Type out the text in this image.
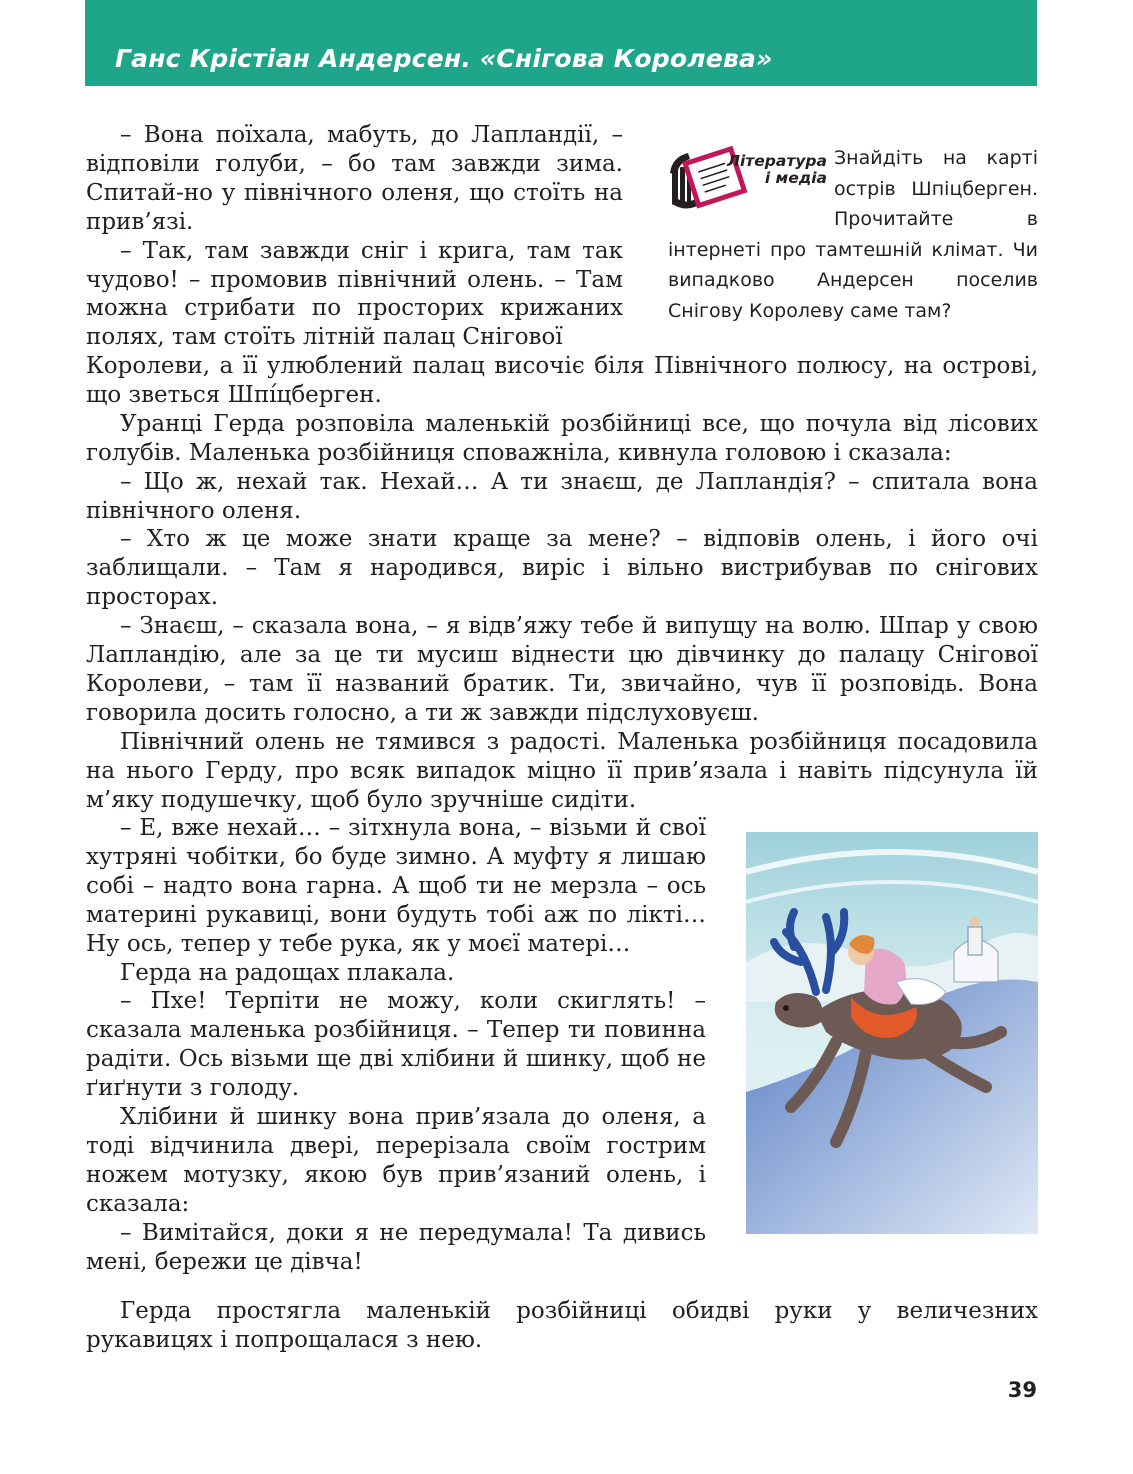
Ганс Крістіан Андерсен. «Снігова Королева»

– Вона поїхала, мабуть, до Лапландії, – відповіли голуби, – бо там завжди зима. Спитай-но у північного оленя, що стоїть на прив’язі.

– Так, там завжди сніг і крига, там так чудово! – промовив північний олень. – Там можна стрибати по просторих крижаних полях, там стоїть літній палац Снігової

Література
і медіа

Знайдіть на карті острів Шпіцберген. Прочитайте в інтернеті про тамтешній клімат. Чи випадково Андерсен поселив Снігову Королеву саме там?

Королеви, а її улюблений палац височіє біля Північного полюсу, на острові, що зветься Шпі́цберген.

Уранці Герда розповіла маленькій розбійниці все, що почула від лісових голубів. Маленька розбійниця споважніла, кивнула головою і сказала:

– Що ж, нехай так. Нехай… А ти знаєш, де Лапландія? – спитала вона північного оленя.

– Хто ж це може знати краще за мене? – відповів олень, і його очі заблищали. – Там я народився, виріс і вільно вистрибував по снігових просторах.

– Знаєш, – сказала вона, – я відв’яжу тебе й випущу на волю. Шпар у свою Лапландію, але за це ти мусиш віднести цю дівчинку до палацу Снігової Королеви, – там її названий братик. Ти, звичайно, чув її розповідь. Вона говорила досить голосно, а ти ж завжди підслуховуєш.

Північний олень не тямився з радості. Маленька розбійниця посадовила на нього Герду, про всяк випадок міцно її прив’язала і навіть підсунула їй м’яку подушечку, щоб було зручніше сидіти.

– Е, вже нехай… – зітхнула вона, – візьми й свої хутряні чобітки, бо буде зимно. А муфту я лишаю собі – надто вона гарна. А щоб ти не мерзла – ось материні рукавиці, вони будуть тобі аж по лікті… Ну ось, тепер у тебе рука, як у моєї матері…

Герда на радощах плакала.

– Пхе! Терпіти не можу, коли скиглять! – сказала маленька розбійниця. – Тепер ти повинна радіти. Ось візьми ще дві хлібини й шинку, щоб не ґиґнути з голоду.

Хлібини й шинку вона прив’язала до оленя, а тоді відчинила двері, перерізала своїм гострим ножем мотузку, якою був прив’язаний олень, і сказала:

– Вимітайся, доки я не передумала! Та дивись мені, бережи це дівча!

Герда простягла маленькій розбійниці обидві руки у величезних рукавицях і попрощалася з нею.

39
